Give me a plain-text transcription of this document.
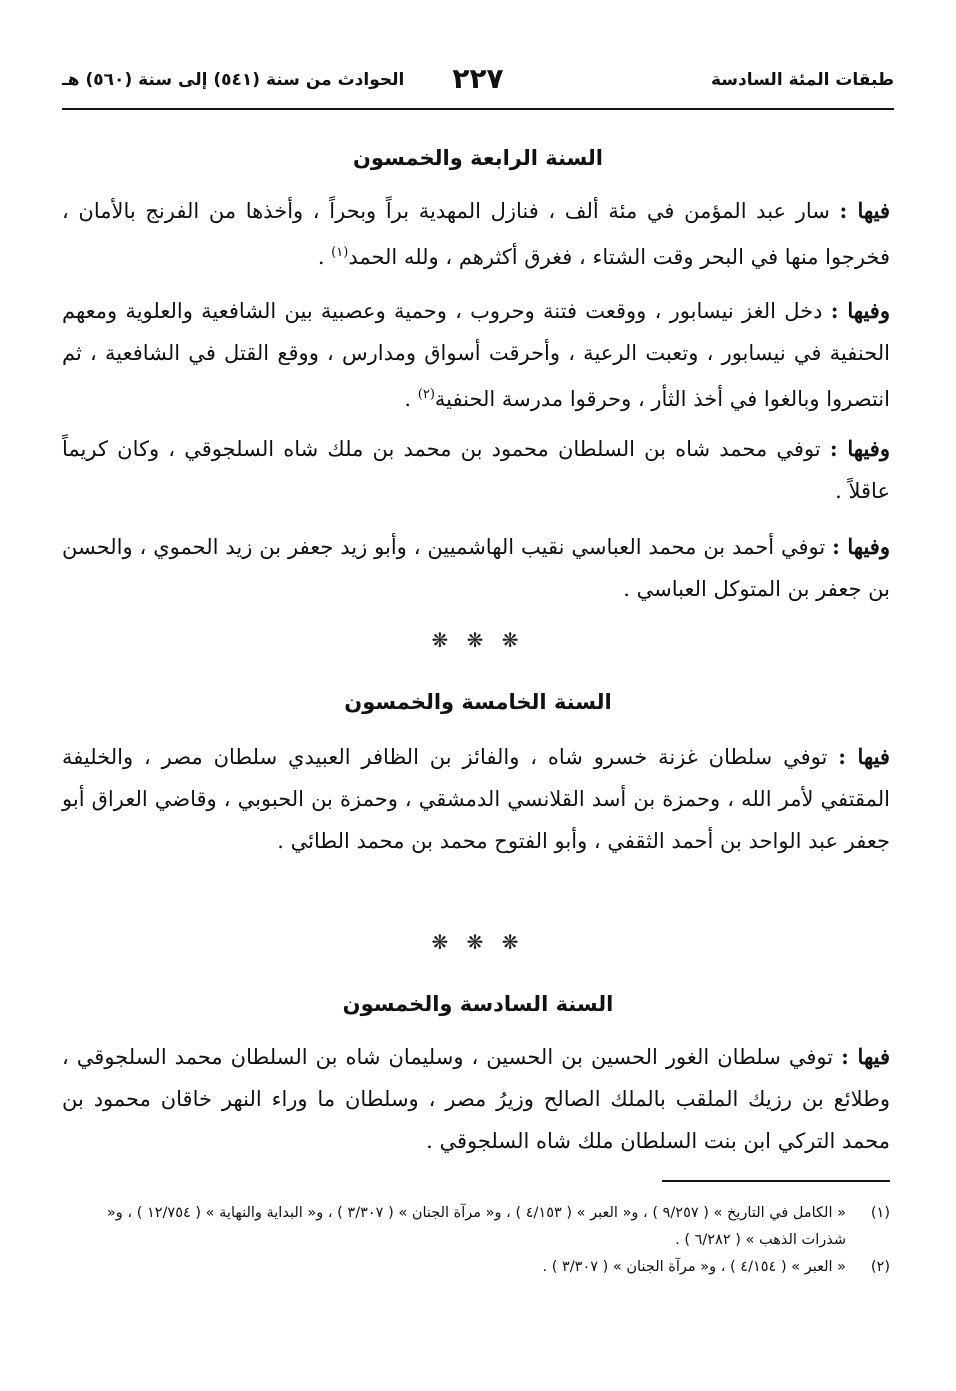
طبقات المئة السادسة
٢٢٧
الحوادث من سنة (٥٤١) إلى سنة (٥٦٠) هـ
السنة الرابعة والخمسون

فيها : سار عبد المؤمن في مئة ألف ، فنازل المهدية براً وبحراً ، وأخذها من الفرنج بالأمان ، فخرجوا منها في البحر وقت الشتاء ، فغرق أكثرهم ، ولله الحمد$^{(١)}$ .

وفيها : دخل الغز نيسابور ، ووقعت فتنة وحروب ، وحمية وعصبية بين الشافعية والعلوية ومعهم الحنفية في نيسابور ، وتعبت الرعية ، وأحرقت أسواق ومدارس ، ووقع القتل في الشافعية ، ثم انتصروا وبالغوا في أخذ الثأر ، وحرقوا مدرسة الحنفية$^{(٢)}$ .

وفيها : توفي محمد شاه بن السلطان محمود بن محمد بن ملك شاه السلجوقي ، وكان كريماً عاقلاً .

وفيها : توفي أحمد بن محمد العباسي نقيب الهاشميين ، وأبو زيد جعفر بن زيد الحموي ، والحسن بن جعفر بن المتوكل العباسي .

❋ ❋ ❋
السنة الخامسة والخمسون

فيها : توفي سلطان غزنة خسرو شاه ، والفائز بن الظافر العبيدي سلطان مصر ، والخليفة المقتفي لأمر الله ، وحمزة بن أسد القلانسي الدمشقي ، وحمزة بن الحبوبي ، وقاضي العراق أبو جعفر عبد الواحد بن أحمد الثقفي ، وأبو الفتوح محمد بن محمد الطائي .

❋ ❋ ❋
السنة السادسة والخمسون

فيها : توفي سلطان الغور الحسين بن الحسين ، وسليمان شاه بن السلطان محمد السلجوقي ، وطلائع بن رزيك الملقب بالملك الصالح وزيرُ مصر ، وسلطان ما وراء النهر خاقان محمود بن محمد التركي ابن بنت السلطان ملك شاه السلجوقي .

(١)
« الكامل في التاريخ » ( ٩/٢٥٧ ) ، و« العبر » ( ٤/١٥٣ ) ، و« مرآة الجنان » ( ٣/٣٠٧ ) ، و« البداية والنهاية » ( ١٢/٧٥٤ ) ، و« شذرات الذهب » ( ٦/٢٨٢ ) .
(٢)
« العبر » ( ٤/١٥٤ ) ، و« مرآة الجنان » ( ٣/٣٠٧ ) .
